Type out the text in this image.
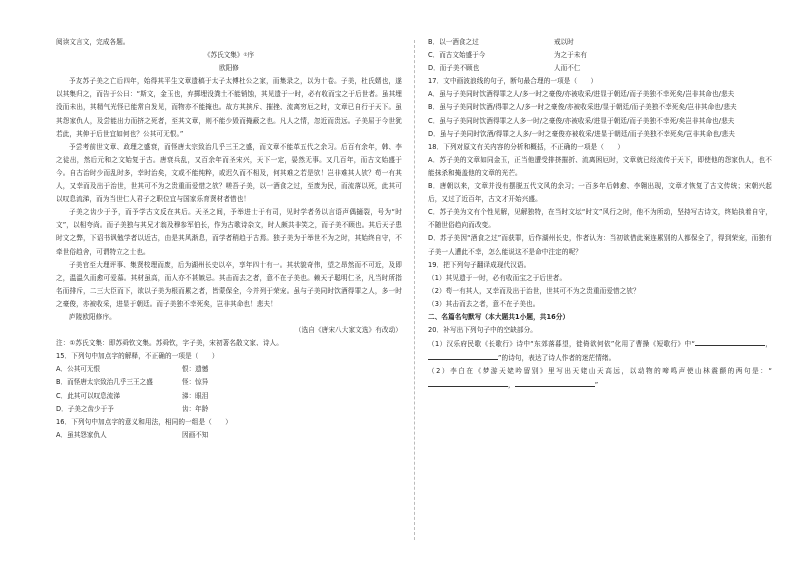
阅读文言文，完成各题。

《苏氏文集》①序

欧阳修

予友苏子美之亡后四年，始得其平生文章遗稿于太子太傅杜公之家，而集录之，以为十卷。子美，杜氏婿也，遂以其集归之，而告于公曰：“斯文，金玉也，弃掷埋没粪土不能销蚀，其见遗于一时，必有收而宝之于后世者。虽其埋没而未出，其精气光怪已能常自发见，而物亦不能掩也。故方其摈斥、摧挫、流离穷厄之时，文章已自行于天下。虽其怨家仇人，及尝能出力而挤之死者，至其文章，则不能少毁而掩蔽之也。凡人之情，忽近而贵远。子美屈于今世犹若此，其伸于后世宜如何也？公其可无恨。”

予尝考前世文章、政理之盛衰，而怪唐太宗致治几乎三王之盛，而文章不能革五代之余习。后百有余年，韩、李之徒出，然后元和之文始复于古。唐衰兵乱，又百余年而圣宋兴，天下一定，晏然无事。又几百年，而古文始盛于今。自古治时少而乱时多，幸时治矣，文或不能纯粹，或迟久而不相及，何其难之若是欤！岂非难其人欤？苟一有其人，又幸而及出于治世，世其可不为之贵重而爱惜之欤？嗟吾子美，以一酒食之过，至废为民，而流落以死，此其可以叹息流涕，而为当世仁人君子之职位宜与国家乐育贤材者惜也！

子美之齿少于予，而予学古文反在其后。天圣之间，予举进士于有司，见时学者务以言语声偶擿裂，号为“时文”，以相夸尚。而子美独与其兄才翁及穆参军伯长，作为古歌诗杂文，时人颇共非笑之，而子美不顾也。其后天子患时文之弊，下诏书讽勉学者以近古，由是其风渐息，而学者稍趋于古焉。独子美为于举世不为之时，其始终自守，不牵世俗趋舍，可谓特立之士也。

子美官至大理评事、集贤校理而废，后为湖州长史以卒，享年四十有一。其状貌奇伟，望之昂然而不可近，及即之，温温久而愈可爱慕。其材虽高，而人亦不甚嫉忌。其击而去之者，意不在子美也。赖天子聪明仁圣，凡当时所指名而排斥，二三大臣而下，欲以子美为根而累之者，皆蒙保全，今并列于荣宠。虽与子美同时饮酒得罪之人，多一时之豪俊，亦被收采，进显于朝廷。而子美独不幸死矣，岂非其命也！悲夫！

庐陵欧阳修序。

（选自《唐宋八大家文选》有改动）

注：①苏氏文集：即苏舜钦文集。苏舜钦，字子美，宋初著名散文家、诗人。

15．下列句中加点字的解释，不正确的一项是（　　）

A．公其可无恨	恨：遗憾
B．而怪唐太宗致治几乎三王之盛	怪：惊异
C．此其可以叹息流涕	涕：眼泪
D．子美之齿少于予	齿：年龄

16．下列句中加点字的意义和用法，相同的一组是（　　）

A．虽其怨家仇人	因画不知
B．以一酒食之过	戒以时
C．而古文始盛于今	为之于未有
D．而子美不顾也	人而不仁

17．文中画波浪线的句子，断句最合理的一项是（　　）

A．虽与子美同时饮酒得罪之人/多一时之豪俊/亦被收采/进显于朝廷/而子美独不幸死矣/岂非其命也/悲夫

B．虽与子美同时饮酒/得罪之人/多一时之豪俊/亦被收采进/显于朝廷/而子美独不幸死矣/岂非其命也/悲夫

C．虽与子美同时饮酒得罪之人多一时/之豪俊/亦被收采/进显于朝廷/而子美独不幸死/矣岂非其命也/悲夫

D．虽与子美同时饮酒/得罪之人多/一时之豪俊亦被收采/进显于朝廷/而子美独不幸死矣/岂非其命也/悲夫

18．下列对原文有关内容的分析和概括，不正确的一项是（　　）

A．苏子美的文章如同金玉，正当他遭受排挤摧折、流离困厄时，文章就已经流传于天下，即使他的怨家仇人，也不能抹杀和掩盖他的文章的光芒。

B．唐朝以来，文章并没有摆脱五代文风的余习；一百多年后韩愈、李翱出现，文章才恢复了古文传统；宋朝兴起后，又过了近百年，古文才开始兴盛。

C．苏子美为文有个性见解，见解独特，在当时文坛“时文”风行之时，他不为所动，坚持写古诗文，终始执着自守，不随世俗趋向而改变。

D．苏子美因“酒食之过”而获罪，后作湖州长史，作者认为：当初欲借此案连累别的人都保全了，得到荣宠，而独有子美一人遭此不幸，怎么能说这不是命中注定的呢？

19．把下列句子翻译成现代汉语。

（1）其见遗于一时，必有收而宝之于后世者。

（2）苟一有其人，又幸而及出于治世，世其可不为之贵重而爱惜之欤？

（3）其击而去之者，意不在子美也。

二、名篇名句默写（本大题共1小题，共16分）

20．补写出下列句子中的空缺部分。

（1）汉乐府民歌《长歌行》诗中“东郊落暮望，徙倚欲何依”化用了曹操《短歌行》中“	，”的诗句，表达了诗人作者的迷茫情绪。

（2）李白在《梦游天姥吟留别》里写出天姥山天高远，以动物的啼鸣声使山林震颤的两句是：“，	”
